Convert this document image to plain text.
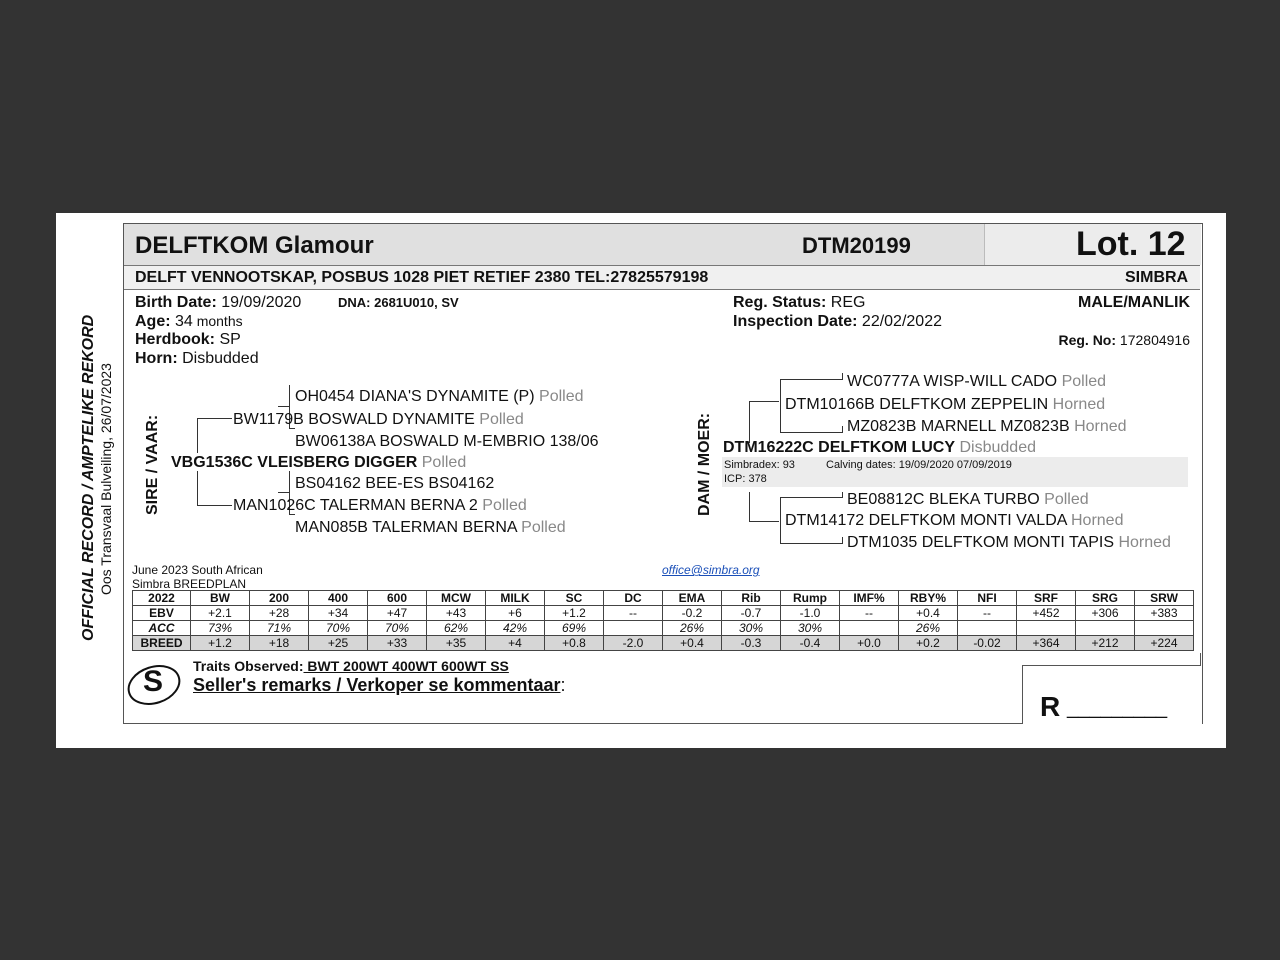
OFFICIAL RECORD / AMPTELIKE REKORD Oos Transvaal Bulveiling, 26/07/2023
DELFTKOM Glamour	DTM20199	Lot. 12
DELFT VENNOOTSKAP, POSBUS 1028 PIET RETIEF 2380 TEL:27825579198	SIMBRA
Birth Date: 19/09/2020	DNA: 2681U010, SV
Age: 34 months
Herdbook: SP
Horn: Disbudded
Reg. Status: REG
Inspection Date: 22/02/2022
MALE/MANLIK
Reg. No: 172804916
SIRE / VAAR:
OH0454 DIANA'S DYNAMITE (P) Polled
BW1179B BOSWALD DYNAMITE Polled
BW06138A BOSWALD M-EMBRIO 138/06
VBG1536C VLEISBERG DIGGER Polled
BS04162 BEE-ES BS04162
MAN1026C TALERMAN BERNA 2 Polled
MAN085B TALERMAN BERNA Polled
DAM / MOER:
WC0777A WISP-WILL CADO Polled
DTM10166B DELFTKOM ZEPPELIN Horned
MZ0823B MARNELL MZ0823B Horned
DTM16222C DELFTKOM LUCY Disbudded
Simbradex: 93	Calving dates: 19/09/2020 07/09/2019
ICP: 378
BE08812C BLEKA TURBO Polled
DTM14172 DELFTKOM MONTI VALDA Horned
DTM1035 DELFTKOM MONTI TAPIS Horned
June 2023 South African
Simbra BREEDPLAN
office@simbra.org
2022	BW	200	400	600	MCW	MILK	SC	DC	EMA	Rib	Rump	IMF%	RBY%	NFI	SRF	SRG	SRW
EBV	+2.1	+28	+34	+47	+43	+6	+1.2	--	-0.2	-0.7	-1.0	--	+0.4	--	+452	+306	+383
ACC	73%	71%	70%	70%	62%	42%	69%		26%	30%	30%		26%				
BREED	+1.2	+18	+25	+33	+35	+4	+0.8	-2.0	+0.4	-0.3	-0.4	+0.0	+0.2	-0.02	+364	+212	+224
S Traits Observed: BWT 200WT 400WT 600WT SS
Seller's remarks / Verkoper se kommentaar:
R _________
